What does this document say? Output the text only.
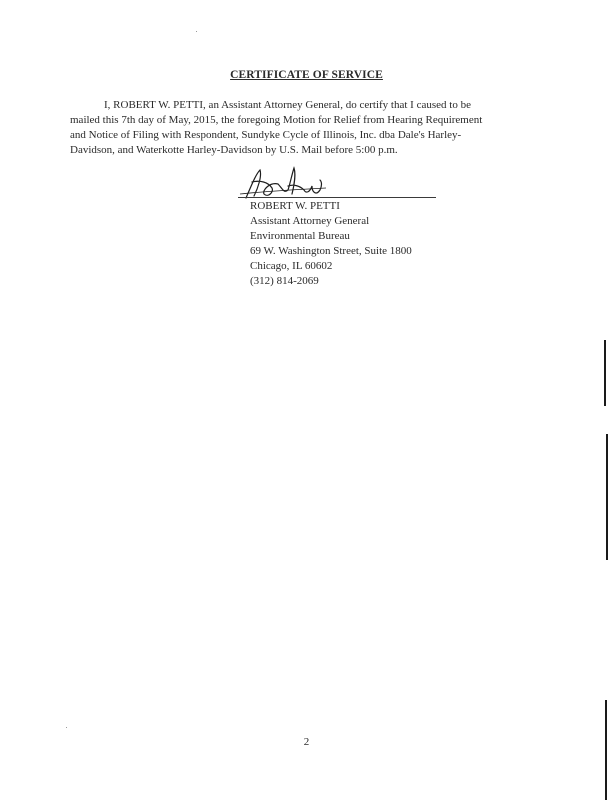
CERTIFICATE OF SERVICE

I, ROBERT W. PETTI, an Assistant Attorney General, do certify that I caused to be
mailed this 7th day of May, 2015, the foregoing Motion for Relief from Hearing Requirement
and Notice of Filing with Respondent, Sundyke Cycle of Illinois, Inc. dba Dale's Harley-
Davidson, and Waterkotte Harley-Davidson by U.S. Mail before 5:00 p.m.

ROBERT W. PETTI
Assistant Attorney General
Environmental Bureau
69 W. Washington Street, Suite 1800
Chicago, IL 60602
(312) 814-2069
2
